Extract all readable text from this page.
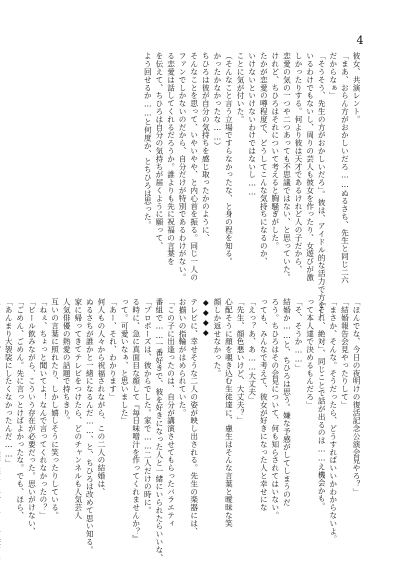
4
彼女、共演レント。
「まあ、おらん方がおかしいだろ……ぬるさち、先生と同じ二六
だからなぁ」
「そうそう、先生の方がおかしいだろ」。彼は、アイドル的な活力で方をし
いるわけでもないし、周りの芸人も彼女を作ったり、女遊びが激
しかったりする。何より彼は天才であるけれど人の子だから、
恋愛の気の一つや二つあっても不思議ではない、と思っていた。
けれど、ちひろはそれについて考えると胸騒ぎがした。
たかが恋愛の噂程度で、どうしてこんな気持ちになるのか、
いけないといけないわけではないし……
ことに気が付いた。
（そんなこと言う立場ですらなかったな、と身の程を知る。
かったかなかったな……）
ちひろは彼が自分の気持ちを感じ取ったかのように、
そんなことを思って、いやいやや、と内心首を振る。同じ一人の
ファンでしかないのだから、自分だけが特別であるわけがない。
る恋愛は話してくれるだろうか。誰よりも先に祝福の言葉を
を伝えて、ちひろは自分の気持ちが届くように願って、
よう回せるか……と何度か、とちひろは思った。
「ほんでな、今日の夜明けの復活記念公演会見やろ？」
「結婚報告会見やったりして」
「まさか、そんな。そうだったら、どうすればいいかわからないよ。
「それ、絶対」、同じことで話が出るのは……え機会かも。
って本人達で決めるもんだろ」
「そ、そうか……」
結婚か……と、ちひろは思う。嫌な予感がしてしまうのだ
ろう。ちひろはその会見について、何も知らされてはいない。
っても、みんなで考えて、彼女が好きになった人と幸せにな
「えっ？あ、あ……大丈夫」
「先生、顔色悪いけど、大丈夫？」
心配そうに顔を覗き込む生徒達に、慮生はそんな言葉と曖昧な笑
顔しか返せなかった。
◆◆◆◆
テレビに、幸せそうな二人の姿が映し出される。先生の楽器には、
お揃いの指輪がはめられていた。
「この子に出逢ったのは、自分が講演させてもらったバラエティ
番組で……一番好きで、彼を好きになった人と一緒にいられたらいいな、
「プロポーズは、彼からでした。家で……二人だけの時に。
る時に、急に真面目な顔して『毎日味噌汁を作ってくれませんか？』
って。可愛いなぁ、と思いました」
「あー、それ、わかります」
何人もの人々から祝福されながら、この二人の結婚は、
ぬるさちが誰かと一緒になるんだ……、と、ちひろは改めて思い知る。
家に帰ってきてテレビをつけたら、どのチャンネルも人気芸人
人気俳優の熱愛の話題で持ちきり。
互いの言葉に照れたり、しかし嬉しそうに笑ったりしている。
「ねぇ、ちょっと聞いてよ！なんで言ってくれなかったの？」
「ビール飲みながら、こういう存在が必要だった。思いがけない、
「ごめん、ごめん。先に言っとけばよかったな。でも、ほら、
「あんまり大袈裟にしたくなかったんだ……」
